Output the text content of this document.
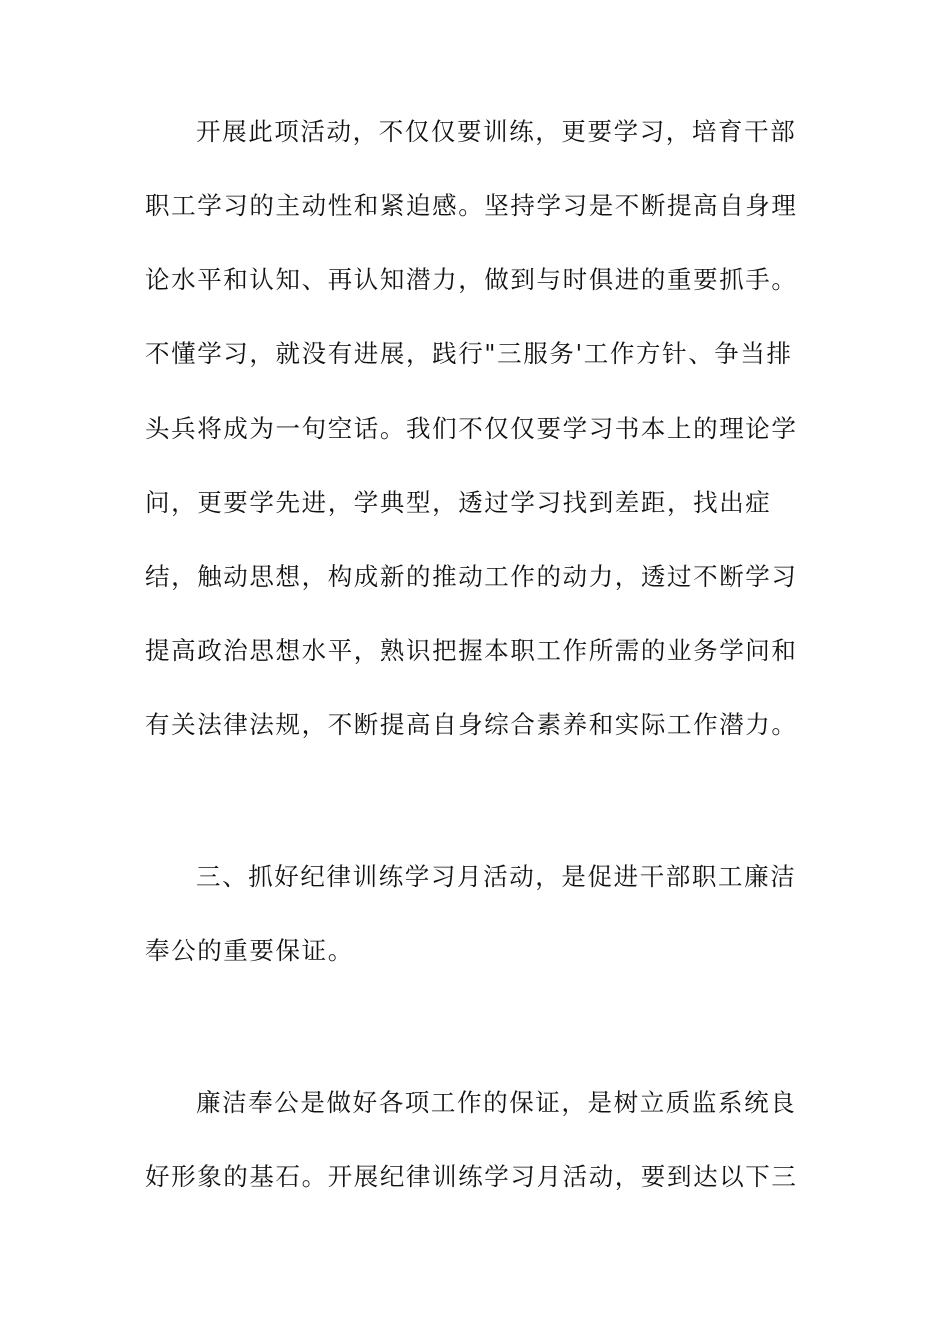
开展此项活动，不仅仅要训练，更要学习，培育干部
职工学习的主动性和紧迫感。坚持学习是不断提高自身理
论水平和认知、再认知潜力，做到与时俱进的重要抓手。
不懂学习，就没有进展，践行"三服务'工作方针、争当排
头兵将成为一句空话。我们不仅仅要学习书本上的理论学
问，更要学先进，学典型，透过学习找到差距，找出症
结，触动思想，构成新的推动工作的动力，透过不断学习
提高政治思想水平，熟识把握本职工作所需的业务学问和
有关法律法规，不断提高自身综合素养和实际工作潜力。
三、抓好纪律训练学习月活动，是促进干部职工廉洁
奉公的重要保证。
廉洁奉公是做好各项工作的保证，是树立质监系统良
好形象的基石。开展纪律训练学习月活动，要到达以下三
